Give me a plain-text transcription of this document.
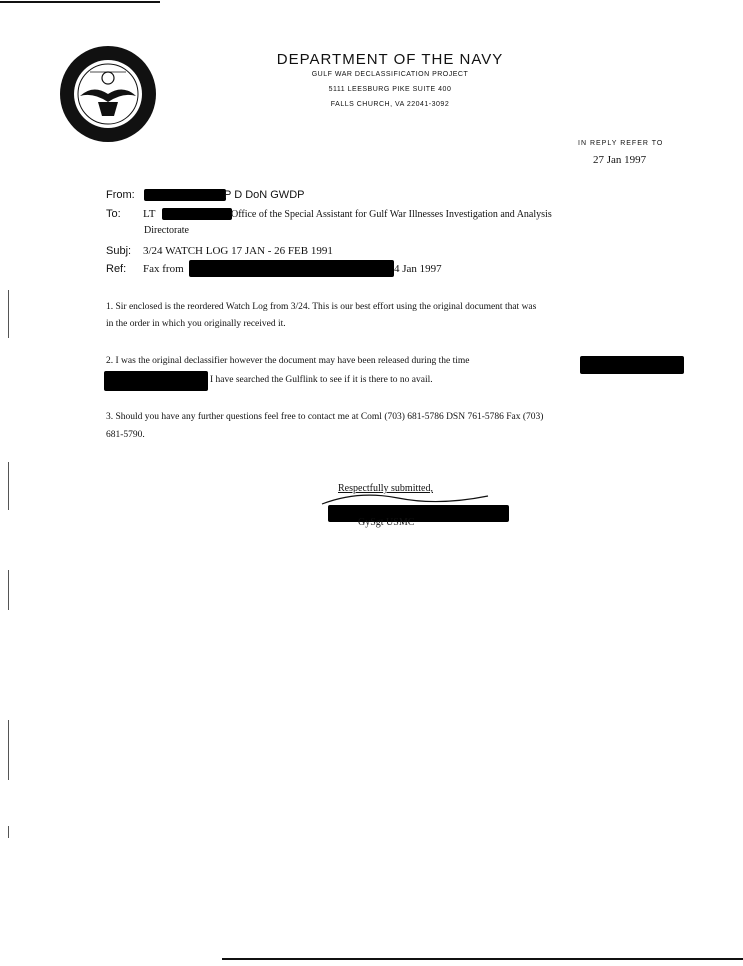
DEPARTMENT OF THE NAVY
GULF WAR DECLASSIFICATION PROJECT
5111 LEESBURG PIKE SUITE 400
FALLS CHURCH, VA 22041-3092
IN REPLY REFER TO
27 Jan 1997
From:	P D DoN GWDP
To: LT	Office of the Special Assistant for Gulf War Illnesses Investigation and Analysis
Directorate
Subj: 3/24 WATCH LOG 17 JAN - 26 FEB 1991
Ref: Fax from	4 Jan 1997
1. Sir enclosed is the reordered Watch Log from 3/24. This is our best effort using the original document that was
in the order in which you originally received it.
2. I was the original declassifier however the document may have been released during the time
I have searched the Gulflink to see if it is there to no avail.
3. Should you have any further questions feel free to contact me at Coml (703) 681-5786 DSN 761-5786 Fax (703)
681-5790.
Respectfully submitted,
GySgt USMC
